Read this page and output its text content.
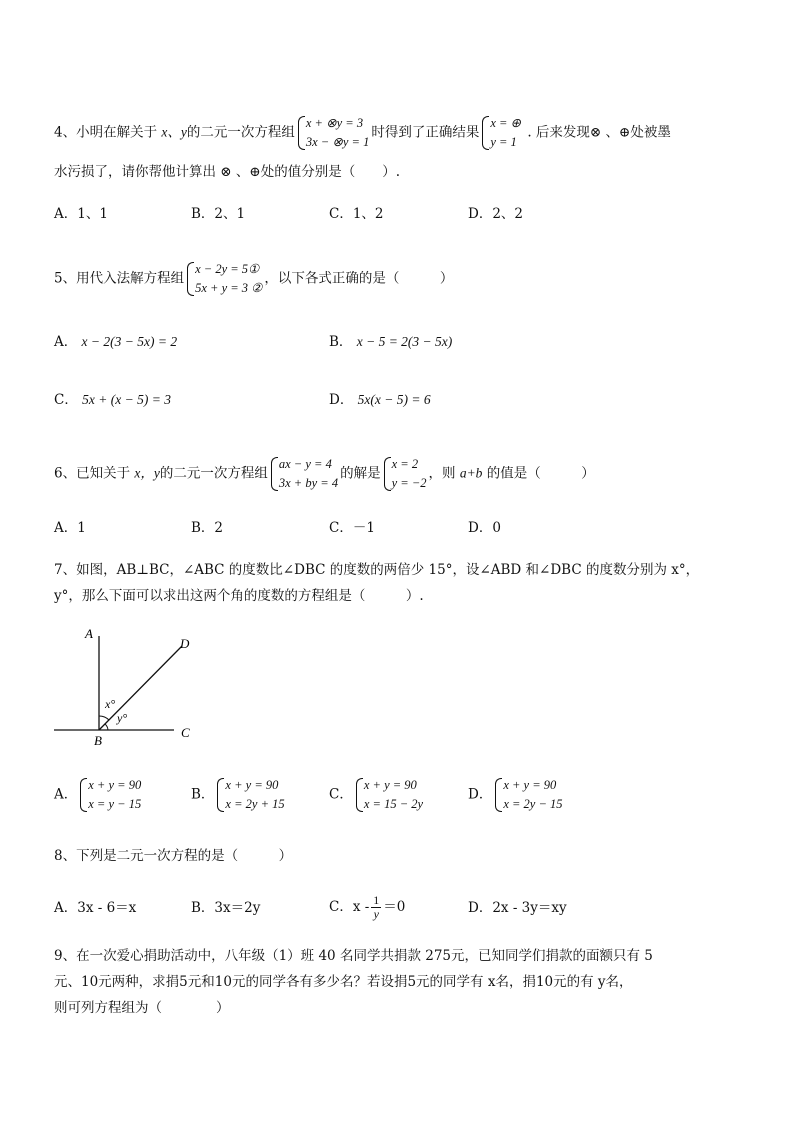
4、小明在解关于 x、y的二元一次方程组
x + ⊗y = 3
3x − ⊗y = 1
时得到了正确结果
x = ⊕
y = 1
. 后来发现⊗ 、⊕处被墨
水污损了，请你帮他计算出 ⊗ 、⊕处的值分别是（　　）.
A．1、1	B．2、1	C．1、2	D．2、2
5、用代入法解方程组
x − 2y = 5①
5x + y = 3 ②
，以下各式正确的是（　　　）
A． x − 2(3 − 5x) = 2	B． x − 5 = 2(3 − 5x)
C． 5x + (x − 5) = 3	D． 5x(x − 5) = 6
6、已知关于 x，y的二元一次方程组
ax − y = 4
3x + by = 4
的解是
x = 2
y = −2
，则 a+b 的值是（　　　）
A．1	B．2	C．－1	D．0
7、如图，AB⊥BC，∠ABC 的度数比∠DBC 的度数的两倍少 15°，设∠ABD 和∠DBC 的度数分别为 x°，
y°，那么下面可以求出这两个角的度数的方程组是（　　　）.
A
D
B
C
x°
y°
A．
x + y = 90
x = y − 15
B．
x + y = 90
x = 2y + 15
C．
x + y = 90
x = 15 − 2y
D．
x + y = 90
x = 2y − 15
8、下列是二元一次方程的是（　　　）
A．3x - 6＝x	B．3x＝2y	C．$x - \frac{1}{y} =0$	D．2x - 3y＝xy
9、在一次爱心捐助活动中，八年级（1）班 40 名同学共捐款 275元，已知同学们捐款的面额只有 5
元、10元两种，求捐5元和10元的同学各有多少名？若设捐5元的同学有 x名，捐10元的有 y名，
则可列方程组为（　　　　）
